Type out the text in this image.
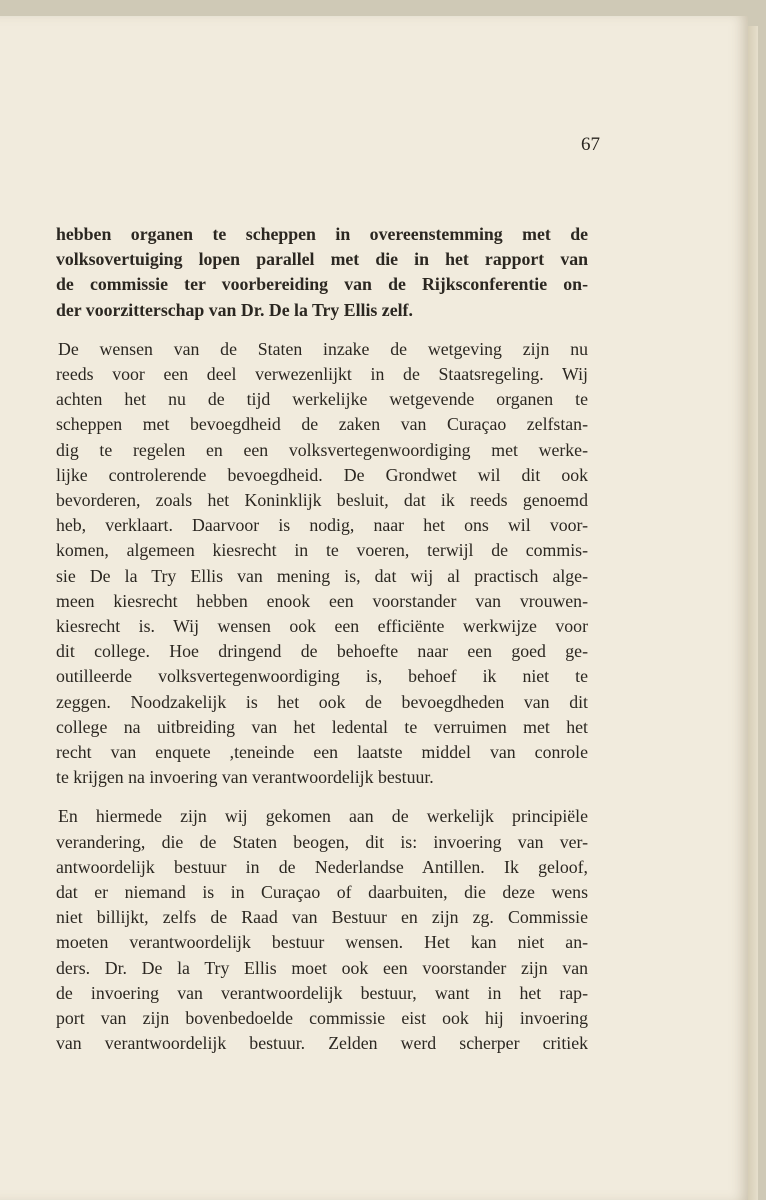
67

hebben organen te scheppen in overeenstemming met de
volksovertuiging lopen parallel met die in het rapport van
de commissie ter voorbereiding van de Rijksconferentie on-
der voorzitterschap van Dr. De la Try Ellis zelf.

De wensen van de Staten inzake de wetgeving zijn nu
reeds voor een deel verwezenlijkt in de Staatsregeling. Wij
achten het nu de tijd werkelijke wetgevende organen te
scheppen met bevoegdheid de zaken van Curaçao zelfstan-
dig te regelen en een volksvertegenwoordiging met werke-
lijke controlerende bevoegdheid. De Grondwet wil dit ook
bevorderen, zoals het Koninklijk besluit, dat ik reeds genoemd
heb, verklaart. Daarvoor is nodig, naar het ons wil voor-
komen, algemeen kiesrecht in te voeren, terwijl de commis-
sie De la Try Ellis van mening is, dat wij al practisch alge-
meen kiesrecht hebben enook een voorstander van vrouwen-
kiesrecht is. Wij wensen ook een efficiënte werkwijze voor
dit college. Hoe dringend de behoefte naar een goed ge-
outilleerde volksvertegenwoordiging is, behoef ik niet te
zeggen. Noodzakelijk is het ook de bevoegdheden van dit
college na uitbreiding van het ledental te verruimen met het
recht van enquete ,teneinde een laatste middel van conrole
te krijgen na invoering van verantwoordelijk bestuur.

En hiermede zijn wij gekomen aan de werkelijk principiële
verandering, die de Staten beogen, dit is: invoering van ver-
antwoordelijk bestuur in de Nederlandse Antillen. Ik geloof,
dat er niemand is in Curaçao of daarbuiten, die deze wens
niet billijkt, zelfs de Raad van Bestuur en zijn zg. Commissie
moeten verantwoordelijk bestuur wensen. Het kan niet an-
ders. Dr. De la Try Ellis moet ook een voorstander zijn van
de invoering van verantwoordelijk bestuur, want in het rap-
port van zijn bovenbedoelde commissie eist ook hij invoering
van verantwoordelijk bestuur. Zelden werd scherper critiek
